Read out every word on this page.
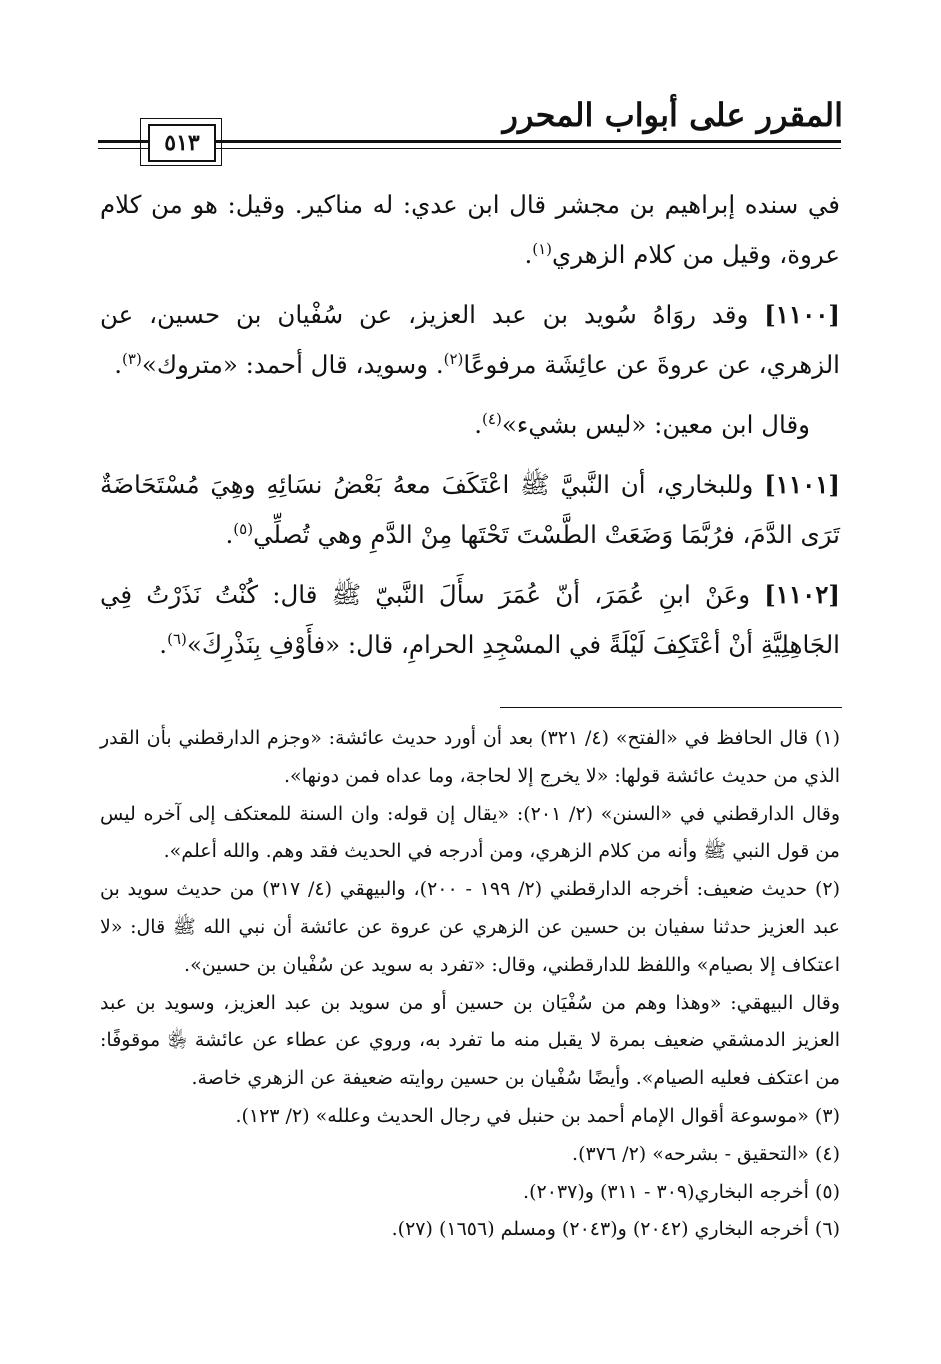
المقرر على أبواب المحرر
٥١٣

في سنده إبراهيم بن مجشر قال ابن عدي: له مناكير. وقيل: هو من كلام عروة، وقيل من كلام الزهري$^{(١)}$.

[١١٠٠] وقد روَاهُ سُويد بن عبد العزيز، عن سُفْيان بن حسين، عن الزهري، عن عروةَ عن عائِشَة مرفوعًا$^{(٢)}$. وسويد، قال أحمد: «متروك»$^{(٣)}$.

وقال ابن معين: «ليس بشيء»$^{(٤)}$.

[١١٠١] وللبخاري، أن النَّبيَّ ﷺ اعْتَكَفَ معهُ بَعْضُ نسَائِهِ وهِيَ مُسْتَحَاضَةٌ تَرَى الدَّمَ، فرُبَّمَا وَضَعَتْ الطَّسْتَ تَحْتَها مِنْ الدَّمِ وهي تُصلِّي$^{(٥)}$.

[١١٠٢] وعَنْ ابنِ عُمَرَ، أنّ عُمَرَ سأَلَ النَّبيّ ﷺ قال: كُنْتُ نَذَرْتُ فِي الجَاهِلِيَّةِ أنْ أعْتَكِفَ لَيْلَةً في المسْجِدِ الحرامِ، قال: «فأَوْفِ بِنَذْرِكَ»$^{(٦)}$.

(١) قال الحافظ في «الفتح» (٤/ ٣٢١) بعد أن أورد حديث عائشة: «وجزم الدارقطني بأن القدر الذي من حديث عائشة قولها: «لا يخرج إلا لحاجة، وما عداه فمن دونها».

وقال الدارقطني في «السنن» (٢/ ٢٠١): «يقال إن قوله: وان السنة للمعتكف إلى آخره ليس من قول النبي ﷺ وأنه من كلام الزهري، ومن أدرجه في الحديث فقد وهم. والله أعلم».

(٢) حديث ضعيف: أخرجه الدارقطني (٢/ ١٩٩ - ٢٠٠)، والبيهقي (٤/ ٣١٧) من حديث سويد بن عبد العزيز حدثنا سفيان بن حسين عن الزهري عن عروة عن عائشة أن نبي الله ﷺ قال: «لا اعتكاف إلا بصيام» واللفظ للدارقطني، وقال: «تفرد به سويد عن سُفْيان بن حسين».

وقال البيهقي: «وهذا وهم من سُفْيَان بن حسين أو من سويد بن عبد العزيز، وسويد بن عبد العزيز الدمشقي ضعيف بمرة لا يقبل منه ما تفرد به، وروي عن عطاء عن عائشة ﵂ موقوفًا: من اعتكف فعليه الصيام». وأيضًا سُفْيان بن حسين روايته ضعيفة عن الزهري خاصة.

(٣) «موسوعة أقوال الإمام أحمد بن حنبل في رجال الحديث وعلله» (٢/ ١٢٣).

(٤) «التحقيق - بشرحه» (٢/ ٣٧٦).

(٥) أخرجه البخاري(٣٠٩ - ٣١١) و(٢٠٣٧).

(٦) أخرجه البخاري (٢٠٤٢) و(٢٠٤٣) ومسلم (١٦٥٦) (٢٧).
